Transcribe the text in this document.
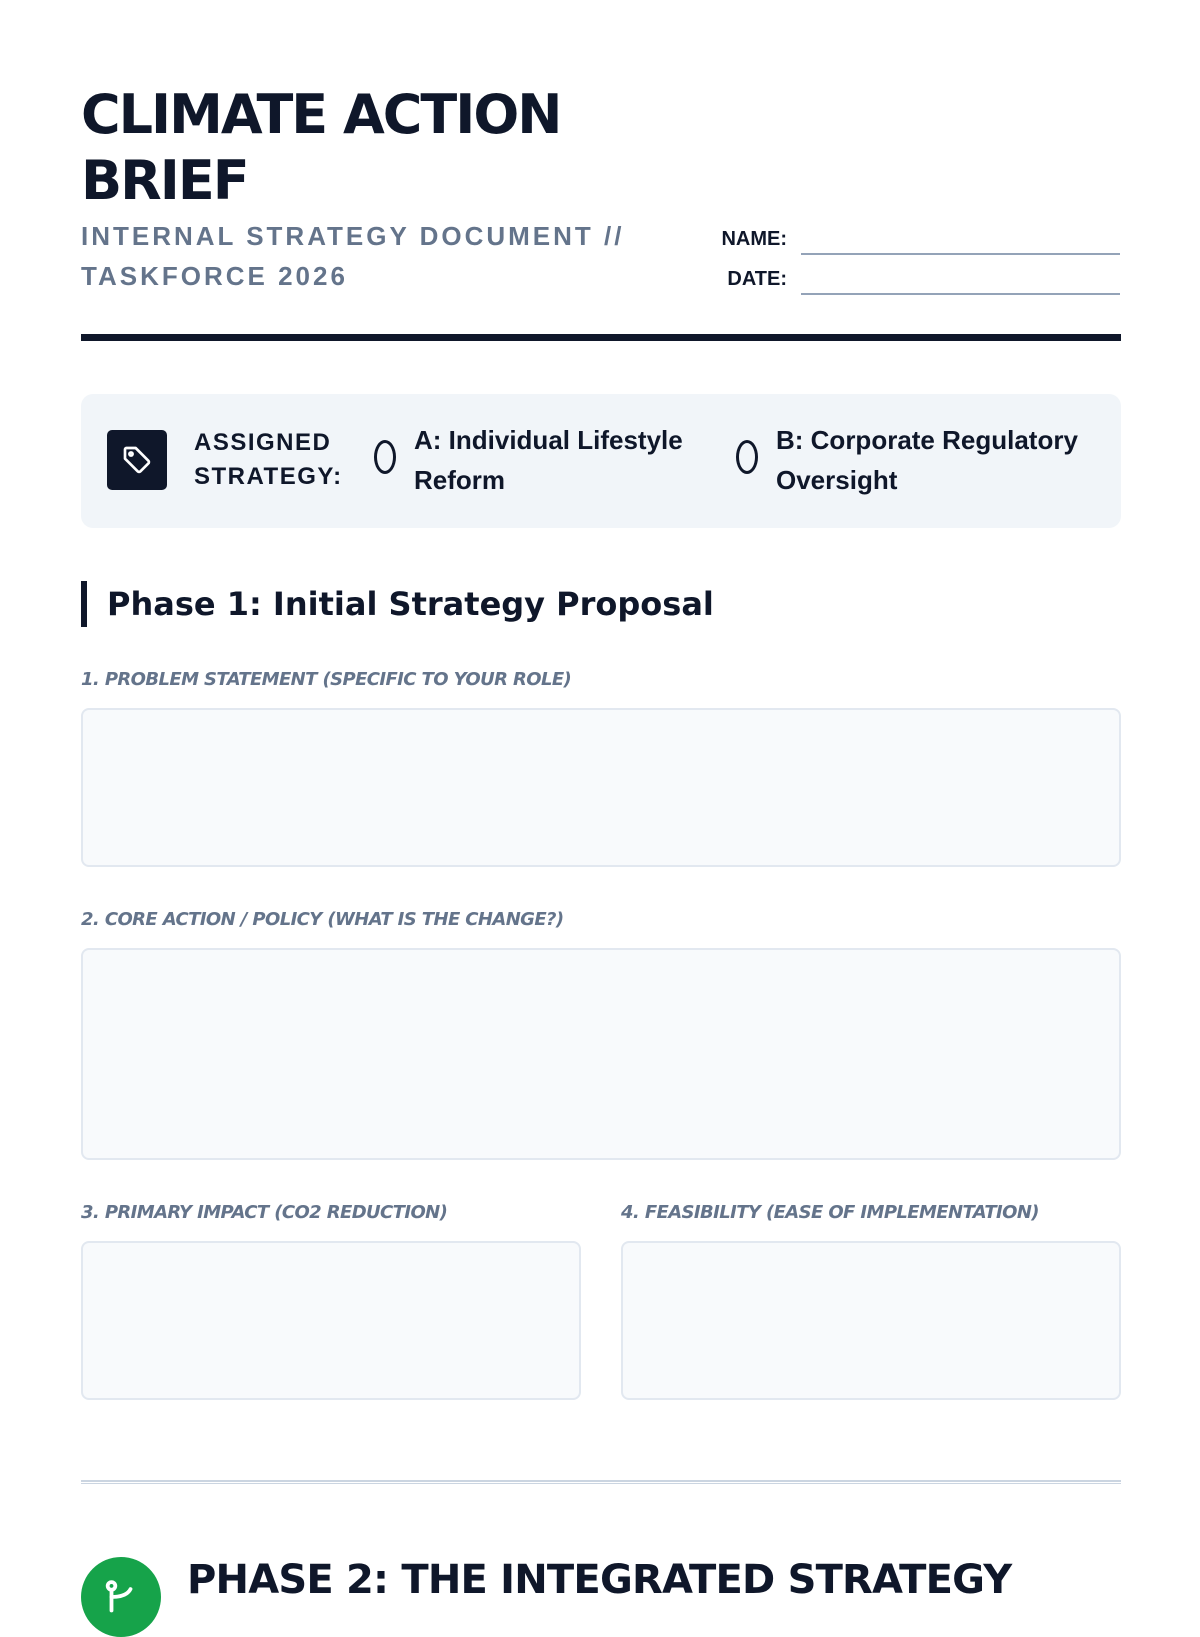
CLIMATE ACTION BRIEF
INTERNAL STRATEGY DOCUMENT // TASKFORCE 2026
NAME:
DATE:
ASSIGNED STRATEGY:
A: Individual Lifestyle Reform
B: Corporate Regulatory Oversight
Phase 1: Initial Strategy Proposal
1. PROBLEM STATEMENT (SPECIFIC TO YOUR ROLE)
2. CORE ACTION / POLICY (WHAT IS THE CHANGE?)
3. PRIMARY IMPACT (CO2 REDUCTION)	4. FEASIBILITY (EASE OF IMPLEMENTATION)
PHASE 2: THE INTEGRATED STRATEGY
